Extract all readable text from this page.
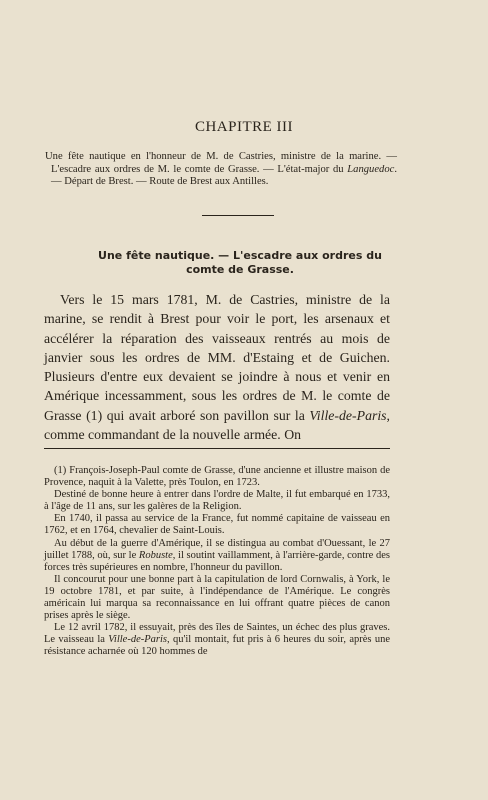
CHAPITRE III

Une fête nautique en l'honneur de M. de Castries, ministre de la marine. — L'escadre aux ordres de M. le comte de Grasse. — L'état-major du Languedoc. — Départ de Brest. — Route de Brest aux Antilles.

Une fête nautique. — L'escadre aux ordres du
comte de Grasse.

Vers le 15 mars 1781, M. de Castries, ministre de la marine, se rendit à Brest pour voir le port, les arsenaux et accélérer la réparation des vaisseaux rentrés au mois de janvier sous les ordres de MM. d'Estaing et de Guichen. Plusieurs d'entre eux devaient se joindre à nous et venir en Amérique incessamment, sous les ordres de M. le comte de Grasse (1) qui avait arboré son pavillon sur la Ville-de-Paris, comme commandant de la nouvelle armée. On

(1) François-Joseph-Paul comte de Grasse, d'une ancienne et illustre maison de Provence, naquit à la Valette, près Toulon, en 1723.

Destiné de bonne heure à entrer dans l'ordre de Malte, il fut embarqué en 1733, à l'âge de 11 ans, sur les galères de la Religion.

En 1740, il passa au service de la France, fut nommé capitaine de vaisseau en 1762, et en 1764, chevalier de Saint-Louis.

Au début de la guerre d'Amérique, il se distingua au combat d'Ouessant, le 27 juillet 1788, où, sur le Robuste, il soutint vaillamment, à l'arrière-garde, contre des forces très supérieures en nombre, l'honneur du pavillon.

Il concourut pour une bonne part à la capitulation de lord Cornwalis, à York, le 19 octobre 1781, et par suite, à l'indépendance de l'Amérique. Le congrès américain lui marqua sa reconnaissance en lui offrant quatre pièces de canon prises après le siège.

Le 12 avril 1782, il essuyait, près des îles de Saintes, un échec des plus graves. Le vaisseau la Ville-de-Paris, qu'il montait, fut pris à 6 heures du soir, après une résistance acharnée où 120 hommes de
